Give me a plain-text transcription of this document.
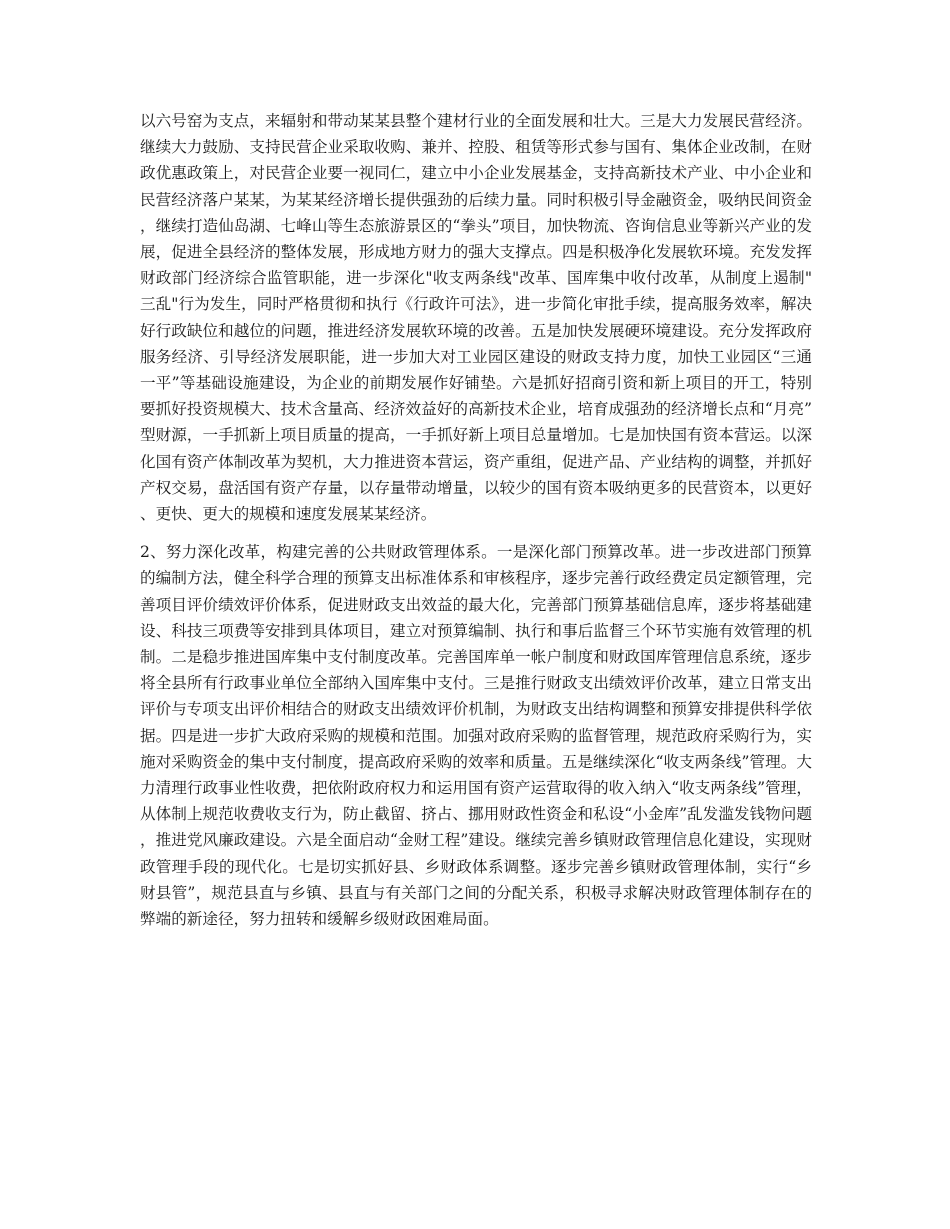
以六号窑为支点，来辐射和带动某某县整个建材行业的全面发展和壮大。三是大力发展民营经济。继续大力鼓励、支持民营企业采取收购、兼并、控股、租赁等形式参与国有、集体企业改制，在财政优惠政策上，对民营企业要一视同仁，建立中小企业发展基金，支持高新技术产业、中小企业和民营经济落户某某，为某某经济增长提供强劲的后续力量。同时积极引导金融资金，吸纳民间资金，继续打造仙岛湖、七峰山等生态旅游景区的“拳头”项目，加快物流、咨询信息业等新兴产业的发展，促进全县经济的整体发展，形成地方财力的强大支撑点。四是积极净化发展软环境。充发发挥财政部门经济综合监管职能，进一步深化"收支两条线"改革、国库集中收付改革，从制度上遏制"三乱"行为发生，同时严格贯彻和执行《行政许可法》，进一步简化审批手续，提高服务效率，解决好行政缺位和越位的问题，推进经济发展软环境的改善。五是加快发展硬环境建设。充分发挥政府服务经济、引导经济发展职能，进一步加大对工业园区建设的财政支持力度，加快工业园区“三通一平”等基础设施建设，为企业的前期发展作好铺垫。六是抓好招商引资和新上项目的开工，特别要抓好投资规模大、技术含量高、经济效益好的高新技术企业，培育成强劲的经济增长点和“月亮”型财源，一手抓新上项目质量的提高，一手抓好新上项目总量增加。七是加快国有资本营运。以深化国有资产体制改革为契机，大力推进资本营运，资产重组，促进产品、产业结构的调整，并抓好产权交易，盘活国有资产存量，以存量带动增量，以较少的国有资本吸纳更多的民营资本，以更好、更快、更大的规模和速度发展某某经济。

2、努力深化改革，构建完善的公共财政管理体系。一是深化部门预算改革。进一步改进部门预算的编制方法，健全科学合理的预算支出标准体系和审核程序，逐步完善行政经费定员定额管理，完善项目评价绩效评价体系，促进财政支出效益的最大化，完善部门预算基础信息库，逐步将基础建设、科技三项费等安排到具体项目，建立对预算编制、执行和事后监督三个环节实施有效管理的机制。二是稳步推进国库集中支付制度改革。完善国库单一帐户制度和财政国库管理信息系统，逐步将全县所有行政事业单位全部纳入国库集中支付。三是推行财政支出绩效评价改革，建立日常支出评价与专项支出评价相结合的财政支出绩效评价机制，为财政支出结构调整和预算安排提供科学依据。四是进一步扩大政府采购的规模和范围。加强对政府采购的监督管理，规范政府采购行为，实施对采购资金的集中支付制度，提高政府采购的效率和质量。五是继续深化“收支两条线”管理。大力清理行政事业性收费，把依附政府权力和运用国有资产运营取得的收入纳入“收支两条线”管理，从体制上规范收费收支行为，防止截留、挤占、挪用财政性资金和私设“小金库”乱发滥发钱物问题，推进党风廉政建设。六是全面启动“金财工程”建设。继续完善乡镇财政管理信息化建设，实现财政管理手段的现代化。七是切实抓好县、乡财政体系调整。逐步完善乡镇财政管理体制，实行“乡财县管”，规范县直与乡镇、县直与有关部门之间的分配关系，积极寻求解决财政管理体制存在的弊端的新途径，努力扭转和缓解乡级财政困难局面。
